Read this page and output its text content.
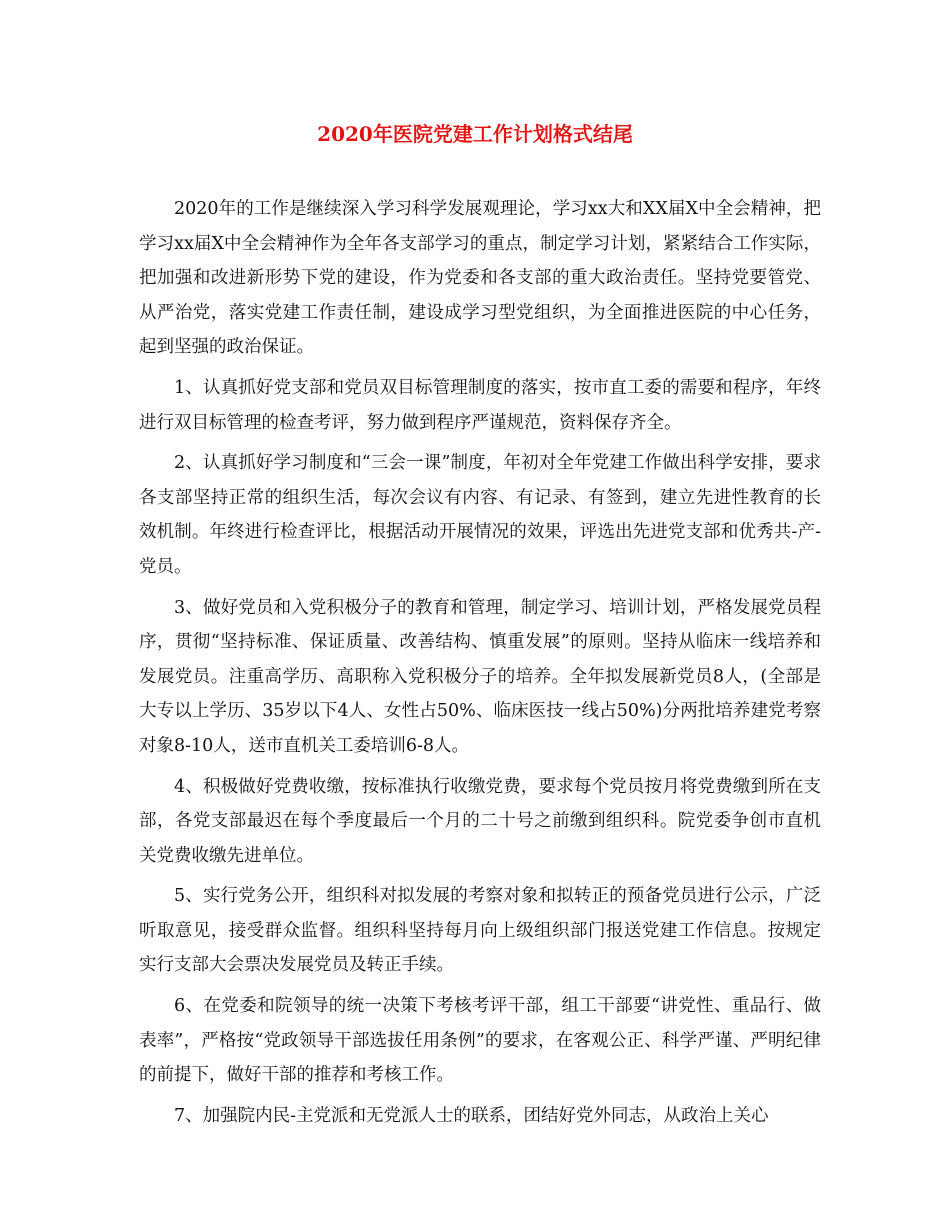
2020年医院党建工作计划格式结尾

2020年的工作是继续深入学习科学发展观理论，学习xx大和XX届X中全会精神，把学习xx届X中全会精神作为全年各支部学习的重点，制定学习计划，紧紧结合工作实际，把加强和改进新形势下党的建设，作为党委和各支部的重大政治责任。坚持党要管党、从严治党，落实党建工作责任制，建设成学习型党组织，为全面推进医院的中心任务，起到坚强的政治保证。

1、认真抓好党支部和党员双目标管理制度的落实，按市直工委的需要和程序，年终进行双目标管理的检查考评，努力做到程序严谨规范，资料保存齐全。

2、认真抓好学习制度和“三会一课”制度，年初对全年党建工作做出科学安排，要求各支部坚持正常的组织生活，每次会议有内容、有记录、有签到，建立先进性教育的长效机制。年终进行检查评比，根据活动开展情况的效果，评选出先进党支部和优秀共-产-党员。

3、做好党员和入党积极分子的教育和管理，制定学习、培训计划，严格发展党员程序，贯彻“坚持标准、保证质量、改善结构、慎重发展”的原则。坚持从临床一线培养和发展党员。注重高学历、高职称入党积极分子的培养。全年拟发展新党员8人，(全部是大专以上学历、35岁以下4人、女性占50%、临床医技一线占50%)分两批培养建党考察对象8-10人，送市直机关工委培训6-8人。

4、积极做好党费收缴，按标准执行收缴党费，要求每个党员按月将党费缴到所在支部，各党支部最迟在每个季度最后一个月的二十号之前缴到组织科。院党委争创市直机关党费收缴先进单位。

5、实行党务公开，组织科对拟发展的考察对象和拟转正的预备党员进行公示，广泛听取意见，接受群众监督。组织科坚持每月向上级组织部门报送党建工作信息。按规定实行支部大会票决发展党员及转正手续。

6、在党委和院领导的统一决策下考核考评干部，组工干部要“讲党性、重品行、做表率”，严格按“党政领导干部选拔任用条例”的要求，在客观公正、科学严谨、严明纪律的前提下，做好干部的推荐和考核工作。

7、加强院内民-主党派和无党派人士的联系，团结好党外同志，从政治上关心
